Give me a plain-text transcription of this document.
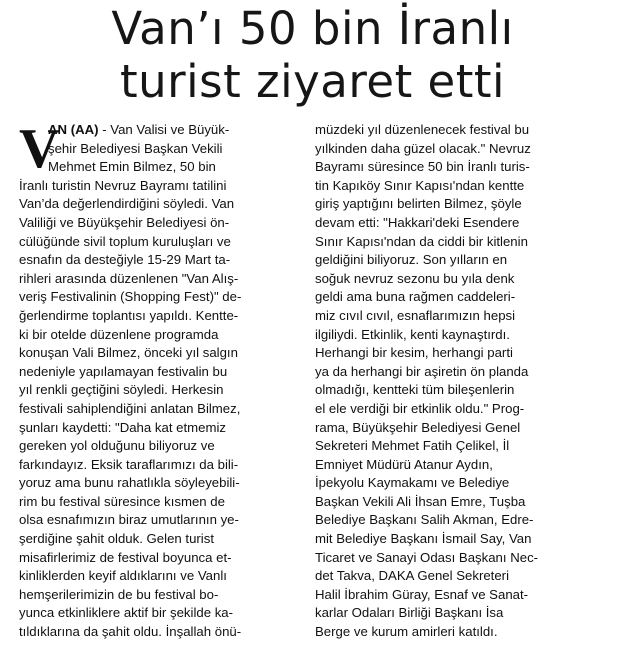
Van’ı 50 bin İranlı
turist ziyaret etti
V
AN (AA) - Van Valisi ve Büyük-
şehir Belediyesi Başkan Vekili
Mehmet Emin Bilmez, 50 bin
İranlı turistin Nevruz Bayramı tatilini
Van’da değerlendirdiğini söyledi. Van
Valiliği ve Büyükşehir Belediyesi ön-
cülüğünde sivil toplum kuruluşları ve
esnafın da desteğiyle 15-29 Mart ta-
rihleri arasında düzenlenen "Van Alış-
veriş Festivalinin (Shopping Fest)" de-
ğerlendirme toplantısı yapıldı. Kentte-
ki bir otelde düzenlene programda
konuşan Vali Bilmez, önceki yıl salgın
nedeniyle yapılamayan festivalin bu
yıl renkli geçtiğini söyledi. Herkesin
festivali sahiplendiğini anlatan Bilmez,
şunları kaydetti: "Daha kat etmemiz
gereken yol olduğunu biliyoruz ve
farkındayız. Eksik taraflarımızı da bili-
yoruz ama bunu rahatlıkla söyleyebili-
rim bu festival süresince kısmen de
olsa esnafımızın biraz umutlarının ye-
şerdiğine şahit olduk. Gelen turist
misafirlerimiz de festival boyunca et-
kinliklerden keyif aldıklarını ve Vanlı
hemşerilerimizin de bu festival bo-
yunca etkinliklere aktif bir şekilde ka-
tıldıklarına da şahit oldu. İnşallah önü-
müzdeki yıl düzenlenecek festival bu
yılkinden daha güzel olacak." Nevruz
Bayramı süresince 50 bin İranlı turis-
tin Kapıköy Sınır Kapısı'ndan kentte
giriş yaptığını belirten Bilmez, şöyle
devam etti: "Hakkari'deki Esendere
Sınır Kapısı'ndan da ciddi bir kitlenin
geldiğini biliyoruz. Son yılların en
soğuk nevruz sezonu bu yıla denk
geldi ama buna rağmen caddeleri-
miz cıvıl cıvıl, esnaflarımızın hepsi
ilgiliydi. Etkinlik, kenti kaynaştırdı.
Herhangi bir kesim, herhangi parti
ya da herhangi bir aşiretin ön planda
olmadığı, kentteki tüm bileşenlerin
el ele verdiği bir etkinlik oldu." Prog-
rama, Büyükşehir Belediyesi Genel
Sekreteri Mehmet Fatih Çelikel, İl
Emniyet Müdürü Atanur Aydın,
İpekyolu Kaymakamı ve Belediye
Başkan Vekili Ali İhsan Emre, Tuşba
Belediye Başkanı Salih Akman, Edre-
mit Belediye Başkanı İsmail Say, Van
Ticaret ve Sanayi Odası Başkanı Nec-
det Takva, DAKA Genel Sekreteri
Halil İbrahim Güray, Esnaf ve Sanat-
karlar Odaları Birliği Başkanı İsa
Berge ve kurum amirleri katıldı.
